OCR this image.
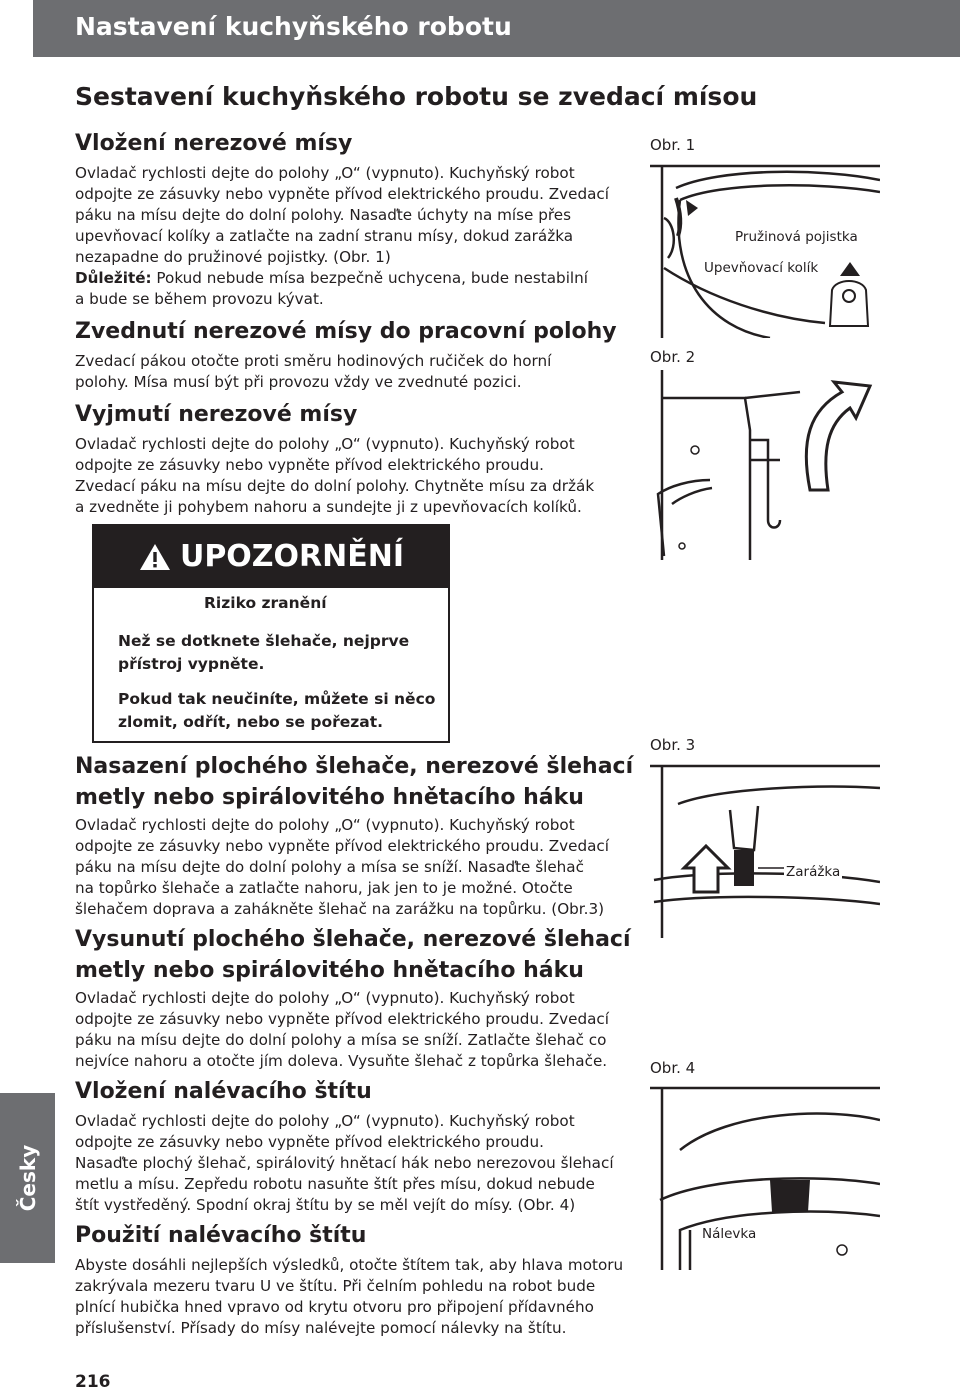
Nastavení kuchyňského robotu
Sestavení kuchyňského robotu se zvedací mísou
Vložení nerezové mísy
Ovladač rychlosti dejte do polohy „O“ (vypnuto). Kuchyňský robot
odpojte ze zásuvky nebo vypněte přívod elektrického proudu. Zvedací
páku na mísu dejte do dolní polohy. Nasaďte úchyty na míse přes
upevňovací kolíky a zatlačte na zadní stranu mísy, dokud zarážka
nezapadne do pružinové pojistky. (Obr. 1)
Důležité: Pokud nebude mísa bezpečně uchycena, bude nestabilní
a bude se během provozu kývat.
Zvednutí nerezové mísy do pracovní polohy
Zvedací pákou otočte proti směru hodinových ručiček do horní
polohy. Mísa musí být při provozu vždy ve zvednuté pozici.
Vyjmutí nerezové mísy
Ovladač rychlosti dejte do polohy „O“ (vypnuto). Kuchyňský robot
odpojte ze zásuvky nebo vypněte přívod elektrického proudu.
Zvedací páku na mísu dejte do dolní polohy. Chytněte mísu za držák
a zvedněte ji pohybem nahoru a sundejte ji z upevňovacích kolíků.
UPOZORNĚNÍ
Riziko zranění
Než se dotknete šlehače, nejprve
přístroj vypněte.
Pokud tak neučiníte, můžete si něco
zlomit, odřít, nebo se pořezat.
Nasazení plochého šlehače, nerezové šlehací
metly nebo spirálovitého hnětacího háku
Ovladač rychlosti dejte do polohy „O“ (vypnuto). Kuchyňský robot
odpojte ze zásuvky nebo vypněte přívod elektrického proudu. Zvedací
páku na mísu dejte do dolní polohy a mísa se sníží. Nasaďte šlehač
na topůrko šlehače a zatlačte nahoru, jak jen to je možné. Otočte
šlehačem doprava a zahákněte šlehač na zarážku na topůrku. (Obr.3)
Vysunutí plochého šlehače, nerezové šlehací
metly nebo spirálovitého hnětacího háku
Ovladač rychlosti dejte do polohy „O“ (vypnuto). Kuchyňský robot
odpojte ze zásuvky nebo vypněte přívod elektrického proudu. Zvedací
páku na mísu dejte do dolní polohy a mísa se sníží. Zatlačte šlehač co
nejvíce nahoru a otočte jím doleva. Vysuňte šlehač z topůrka šlehače.
Vložení nalévacího štítu
Ovladač rychlosti dejte do polohy „O“ (vypnuto). Kuchyňský robot
odpojte ze zásuvky nebo vypněte přívod elektrického proudu.
Nasaďte plochý šlehač, spirálovitý hnětací hák nebo nerezovou šlehací
metlu a mísu. Zepředu robotu nasuňte štít přes mísu, dokud nebude
štít vystředěný. Spodní okraj štítu by se měl vejít do mísy. (Obr. 4)
Použití nalévacího štítu
Abyste dosáhli nejlepších výsledků, otočte štítem tak, aby hlava motoru
zakrývala mezeru tvaru U ve štítu. Při čelním pohledu na robot bude
plnící hubička hned vpravo od krytu otvoru pro připojení přídavného
příslušenství. Přísady do mísy nalévejte pomocí nálevky na štítu.
Obr. 1
Pružinová pojistka
Upevňovací kolík
Obr. 2
Obr. 3
Zarážka
Obr. 4
Nálevka
Česky
216
